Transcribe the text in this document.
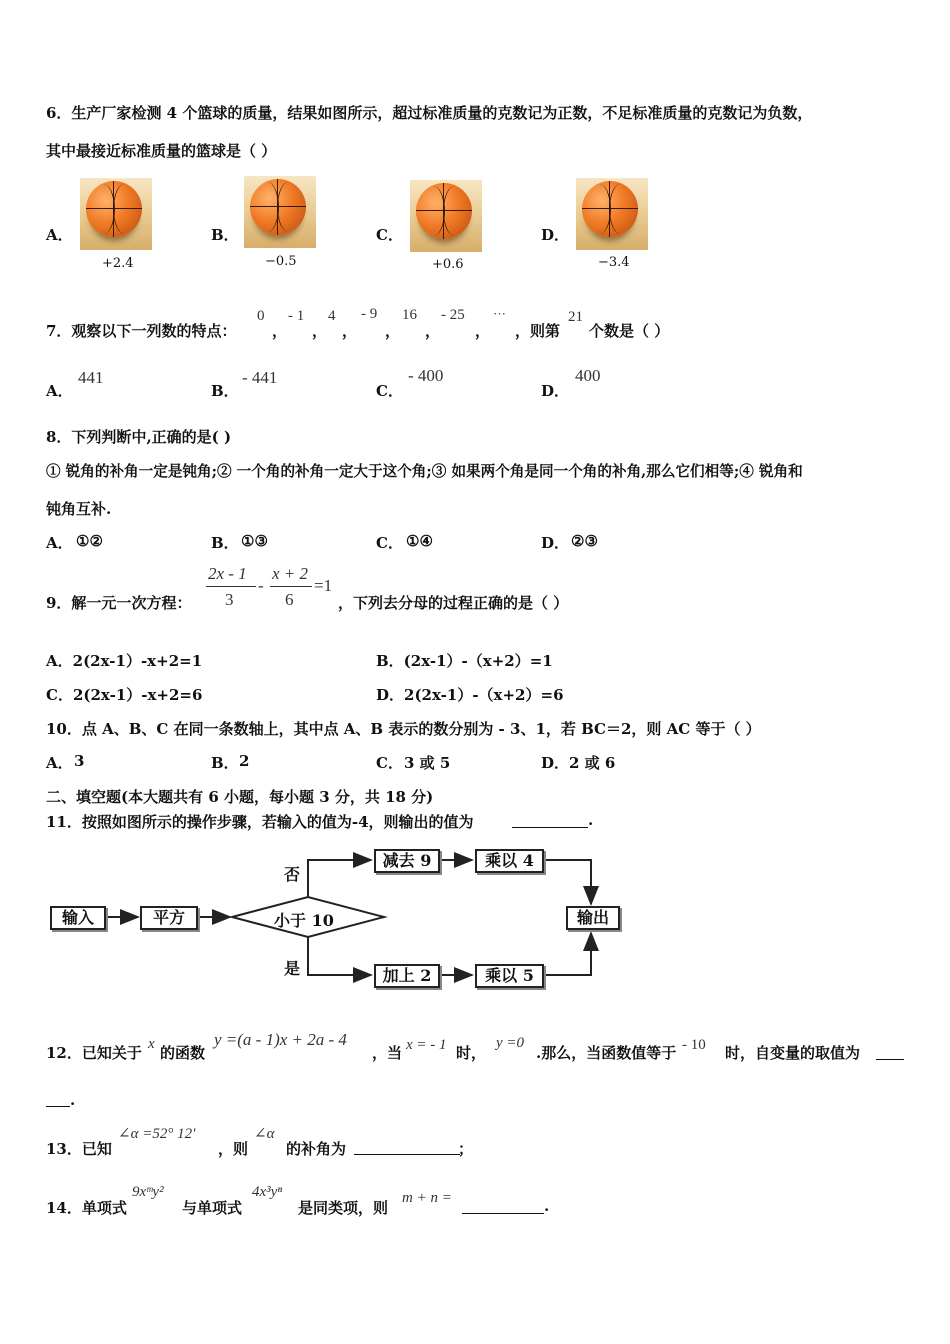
6．生产厂家检测 4 个篮球的质量，结果如图所示，超过标准质量的克数记为正数，不足标准质量的克数记为负数，
其中最接近标准质量的篮球是（ ）
A．
+2.4
B．
−0.5
C．
+0.6
D．
−3.4
7．观察以下一列数的特点：
0
，
- 1
，
4
，
- 9
，
16
，
- 25
，
···
，则第
21
个数是（ ）
A．
441
B．
- 441
C．
- 400
D．
400
8．下列判断中,正确的是( )
① 锐角的补角一定是钝角;② 一个角的补角一定大于这个角;③ 如果两个角是同一个角的补角,那么它们相等;④ 锐角和
钝角互补.
A． ①②	B． ①③	C． ①④	D． ②③
9．解一元一次方程：
2x - 1
3
-
x + 2
6
=1
，下列去分母的过程正确的是（ ）
A．2(2x-1）-x+2=1	B．(2x-1）-（x+2）=1
C．2(2x-1）-x+2=6	D．2(2x-1）-（x+2）=6
10．点 A、B、C 在同一条数轴上，其中点 A、B 表示的数分别为 - 3、1，若 BC＝2，则 AC 等于（ ）
A． 3	B． 2	C． 3 或 5	D． 2 或 6
二、填空题(本大题共有 6 小题，每小题 3 分，共 18 分)
11．按照如图所示的操作步骤，若输入的值为-4，则输出的值为	.
输入	平方	小于 10
否
是
减去 9	乘以 4
加上 2	乘以 5
输出
12．已知关于 x 的函数
y =(a - 1)x + 2a - 4
，当 x = - 1 时，
y =0
.那么，当函数值等于 - 10 时，自变量的取值为
.
13．已知
∠α =52° 12'
，则
∠α
的补角为	；
14．单项式
9xᵐy²
与单项式
4x³yⁿ
是同类项，则
m + n =	.
